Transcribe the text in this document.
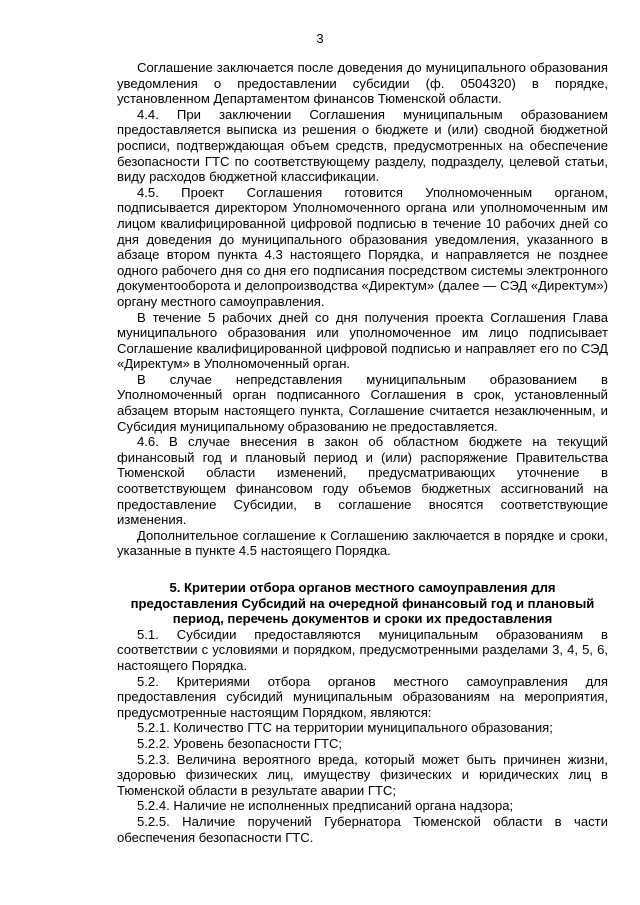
3

Соглашение заключается после доведения до муниципального образования уведомления о предоставлении субсидии (ф. 0504320) в порядке, установленном Департаментом финансов Тюменской области.

4.4. При заключении Соглашения муниципальным образованием предоставляется выписка из решения о бюджете и (или) сводной бюджетной росписи, подтверждающая объем средств, предусмотренных на обеспечение безопасности ГТС по соответствующему разделу, подразделу, целевой статьи, виду расходов бюджетной классификации.

4.5. Проект Соглашения готовится Уполномоченным органом, подписывается директором Уполномоченного органа или уполномоченным им лицом квалифицированной цифровой подписью в течение 10 рабочих дней со дня доведения до муниципального образования уведомления, указанного в абзаце втором пункта 4.3 настоящего Порядка, и направляется не позднее одного рабочего дня со дня его подписания посредством системы электронного документооборота и делопроизводства «Директум» (далее — СЭД «Директум») органу местного самоуправления.

В течение 5 рабочих дней со дня получения проекта Соглашения Глава муниципального образования или уполномоченное им лицо подписывает Соглашение квалифицированной цифровой подписью и направляет его по СЭД «Директум» в Уполномоченный орган.

В случае непредставления муниципальным образованием в Уполномоченный орган подписанного Соглашения в срок, установленный абзацем вторым настоящего пункта, Соглашение считается незаключенным, и Субсидия муниципальному образованию не предоставляется.

4.6. В случае внесения в закон об областном бюджете на текущий финансовый год и плановый период и (или) распоряжение Правительства Тюменской области изменений, предусматривающих уточнение в соответствующем финансовом году объемов бюджетных ассигнований на предоставление Субсидии, в соглашение вносятся соответствующие изменения.

Дополнительное соглашение к Соглашению заключается в порядке и сроки, указанные в пункте 4.5 настоящего Порядка.

5. Критерии отбора органов местного самоуправления для предоставления Субсидий на очередной финансовый год и плановый период, перечень документов и сроки их предоставления

5.1. Субсидии предоставляются муниципальным образованиям в соответствии с условиями и порядком, предусмотренными разделами 3, 4, 5, 6, настоящего Порядка.

5.2. Критериями отбора органов местного самоуправления для предоставления субсидий муниципальным образованиям на мероприятия, предусмотренные настоящим Порядком, являются:

5.2.1. Количество ГТС на территории муниципального образования;

5.2.2. Уровень безопасности ГТС;

5.2.3. Величина вероятного вреда, который может быть причинен жизни, здоровью физических лиц, имуществу физических и юридических лиц в Тюменской области в результате аварии ГТС;

5.2.4. Наличие не исполненных предписаний органа надзора;

5.2.5. Наличие поручений Губернатора Тюменской области в части обеспечения безопасности ГТС.
